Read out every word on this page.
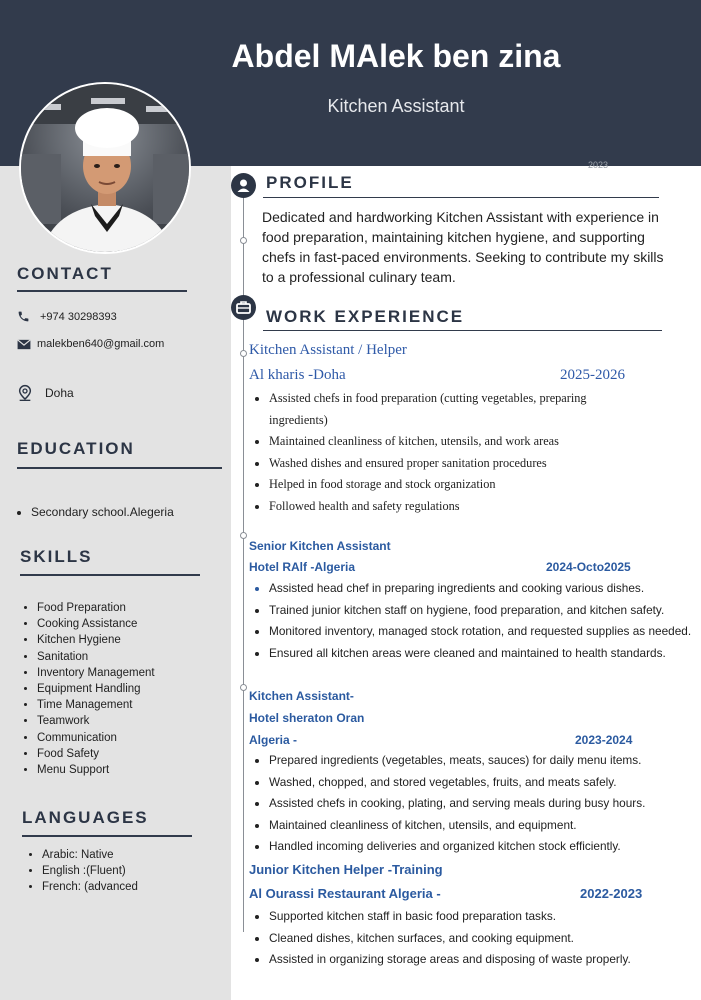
Abdel MAlek ben zina
Kitchen Assistant
2023
CONTACT
+974 30298393
malekben640@gmail.com
Doha
EDUCATION
• Secondary school.Alegeria
SKILLS
• Food Preparation
• Cooking Assistance
• Kitchen Hygiene
• Sanitation
• Inventory Management
• Equipment Handling
• Time Management
• Teamwork
• Communication
• Food Safety
• Menu Support
LANGUAGES
• Arabic: Native
• English :(Fluent)
• French: (advanced
PROFILE
Dedicated and hardworking Kitchen Assistant with experience in food preparation, maintaining kitchen hygiene, and supporting chefs in fast-paced environments. Seeking to contribute my skills to a professional culinary team.
WORK EXPERIENCE
Kitchen Assistant / Helper
Al kharis -Doha	2025-2026
• Assisted chefs in food preparation (cutting vegetables, preparing ingredients)
• Maintained cleanliness of kitchen, utensils, and work areas
• Washed dishes and ensured proper sanitation procedures
• Helped in food storage and stock organization
• Followed health and safety regulations
Senior Kitchen Assistant
Hotel RAlf -Algeria	2024-Octo2025
• Assisted head chef in preparing ingredients and cooking various dishes.
• Trained junior kitchen staff on hygiene, food preparation, and kitchen safety.
• Monitored inventory, managed stock rotation, and requested supplies as needed.
• Ensured all kitchen areas were cleaned and maintained to health standards.
Kitchen Assistant-
Hotel sheraton Oran
Algeria -	2023-2024
• Prepared ingredients (vegetables, meats, sauces) for daily menu items.
• Washed, chopped, and stored vegetables, fruits, and meats safely.
• Assisted chefs in cooking, plating, and serving meals during busy hours.
• Maintained cleanliness of kitchen, utensils, and equipment.
• Handled incoming deliveries and organized kitchen stock efficiently.
Junior Kitchen Helper -Training
Al Ourassi Restaurant Algeria -	2022-2023
• Supported kitchen staff in basic food preparation tasks.
• Cleaned dishes, kitchen surfaces, and cooking equipment.
• Assisted in organizing storage areas and disposing of waste properly.
